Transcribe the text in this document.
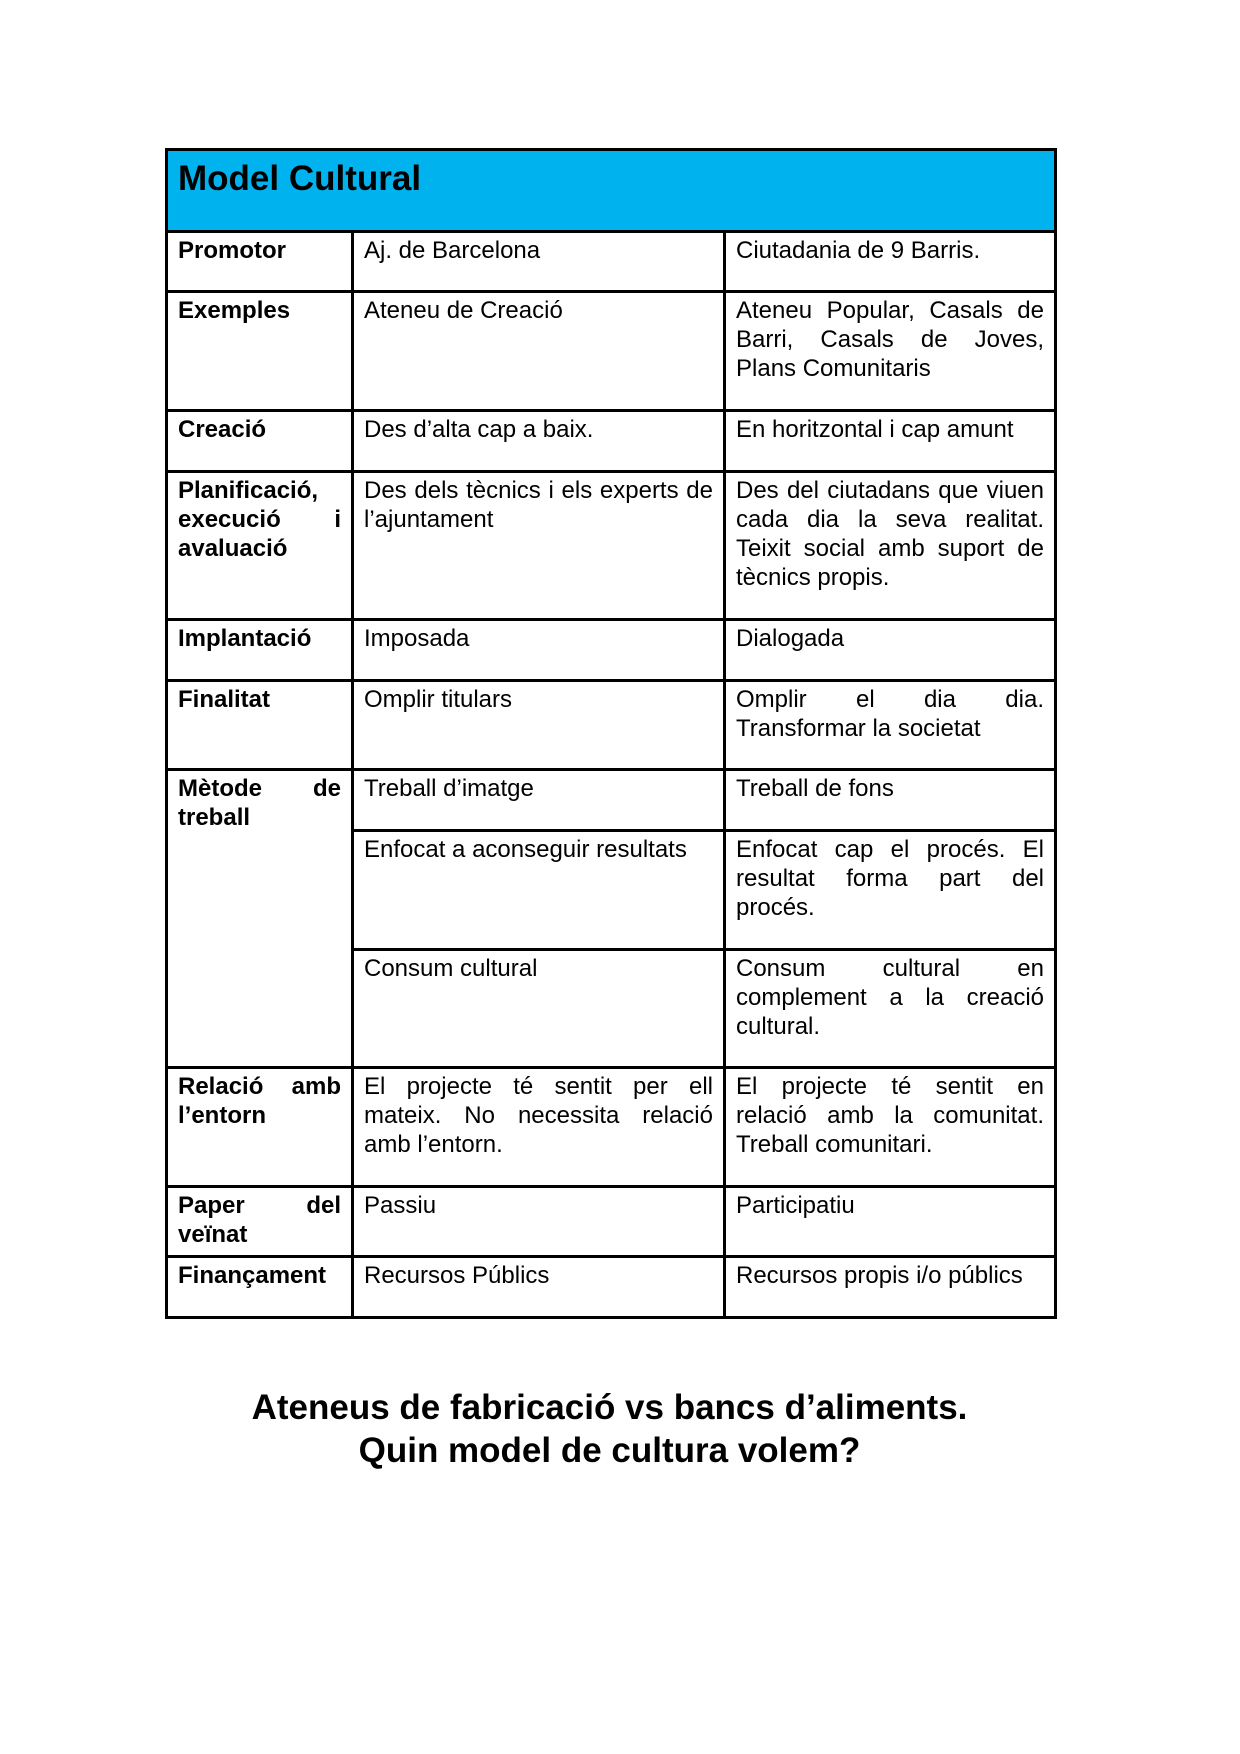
Model Cultural		
Promotor	Aj. de Barcelona	Ciutadania de 9 Barris.
Exemples	Ateneu de Creació	Ateneu Popular, Casals de Barri, Casals de Joves, Plans Comunitaris
Creació	Des d’alta cap a baix.	En horitzontal i cap amunt
Planificació, execució i avaluació	Des dels tècnics i els experts de l’ajuntament	Des del ciutadans que viuen cada dia la seva realitat. Teixit social amb suport de tècnics propis.
Implantació	Imposada	Dialogada
Finalitat	Omplir titulars	Omplir el dia dia. Transformar la societat
Mètode de treball	Treball d’imatge	Treball de fons
	Enfocat a aconseguir resultats	Enfocat cap el procés. El resultat forma part del procés.
	Consum cultural	Consum cultural en complement a la creació cultural.
Relació amb l’entorn	El projecte té sentit per ell mateix. No necessita relació amb l’entorn.	El projecte té sentit en relació amb la comunitat. Treball comunitari.
Paper del veïnat	Passiu	Participatiu
Finançament	Recursos Públics	Recursos propis i/o públics
Ateneus de fabricació vs bancs d’aliments.
Quin model de cultura volem?
